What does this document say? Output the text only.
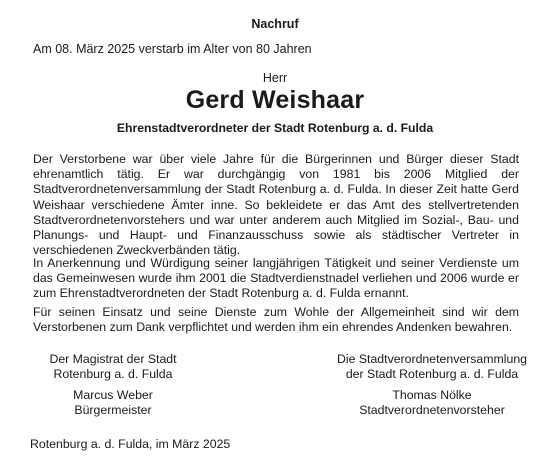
Nachruf
Am 08. März 2025 verstarb im Alter von 80 Jahren
Herr
Gerd Weishaar
Ehrenstadtverordneter der Stadt Rotenburg a. d. Fulda

Der Verstorbene war über viele Jahre für die Bürgerinnen und Bürger dieser Stadt ehrenamtlich tätig. Er war durchgängig von 1981 bis 2006 Mitglied der Stadtverordnetenversammlung der Stadt Rotenburg a. d. Fulda. In dieser Zeit hatte Gerd Weishaar verschiedene Ämter inne. So bekleidete er das Amt des stellvertretenden Stadtverordnetenvorstehers und war unter anderem auch Mitglied im Sozial-, Bau- und Planungs- und Haupt- und Finanzausschuss sowie als städtischer Vertreter in verschiedenen Zweckverbänden tätig.

In Anerkennung und Würdigung seiner langjährigen Tätigkeit und seiner Verdienste um das Gemeinwesen wurde ihm 2001 die Stadtverdienstnadel verliehen und 2006 wurde er zum Ehrenstadtverordneten der Stadt Rotenburg a. d. Fulda ernannt.

Für seinen Einsatz und seine Dienste zum Wohle der Allgemeinheit sind wir dem Verstorbenen zum Dank verpflichtet und werden ihm ein ehrendes Andenken bewahren.

Der Magistrat der Stadt
Rotenburg a. d. Fulda
Marcus Weber
Bürgermeister
Die Stadtverordnetenversammlung
der Stadt Rotenburg a. d. Fulda
Thomas Nölke
Stadtverordnetenvorsteher
Rotenburg a. d. Fulda, im März 2025
